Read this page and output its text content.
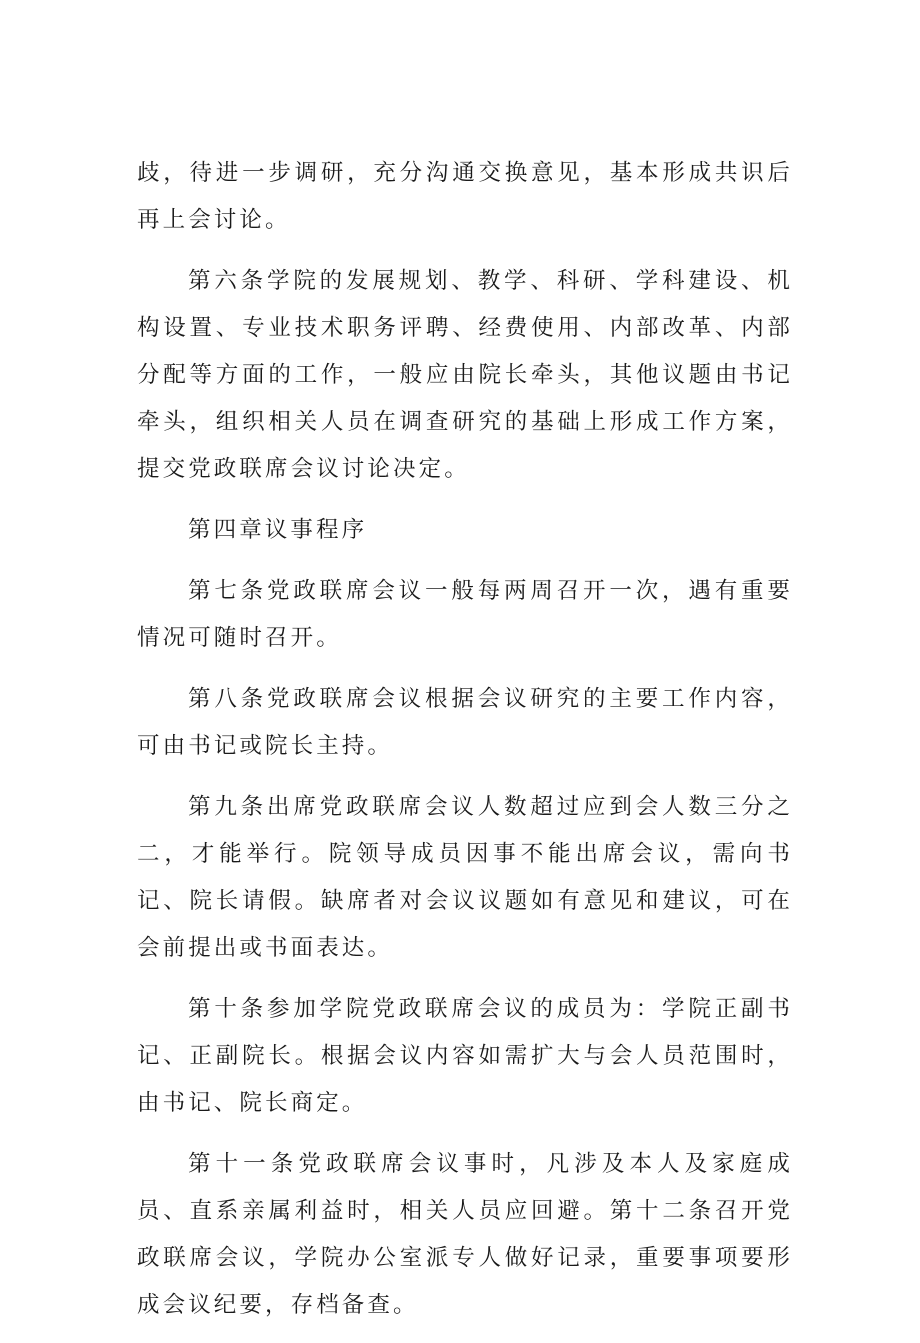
歧，待进一步调研，充分沟通交换意见，基本形成共识后再上会讨论。

第六条学院的发展规划、教学、科研、学科建设、机构设置、专业技术职务评聘、经费使用、内部改革、内部分配等方面的工作，一般应由院长牵头，其他议题由书记牵头，组织相关人员在调查研究的基础上形成工作方案，提交党政联席会议讨论决定。

第四章议事程序

第七条党政联席会议一般每两周召开一次，遇有重要情况可随时召开。

第八条党政联席会议根据会议研究的主要工作内容，可由书记或院长主持。

第九条出席党政联席会议人数超过应到会人数三分之二，才能举行。院领导成员因事不能出席会议，需向书记、院长请假。缺席者对会议议题如有意见和建议，可在会前提出或书面表达。

第十条参加学院党政联席会议的成员为：学院正副书记、正副院长。根据会议内容如需扩大与会人员范围时，由书记、院长商定。

第十一条党政联席会议事时，凡涉及本人及家庭成员、直系亲属利益时，相关人员应回避。第十二条召开党政联席会议，学院办公室派专人做好记录，重要事项要形成会议纪要，存档备查。
